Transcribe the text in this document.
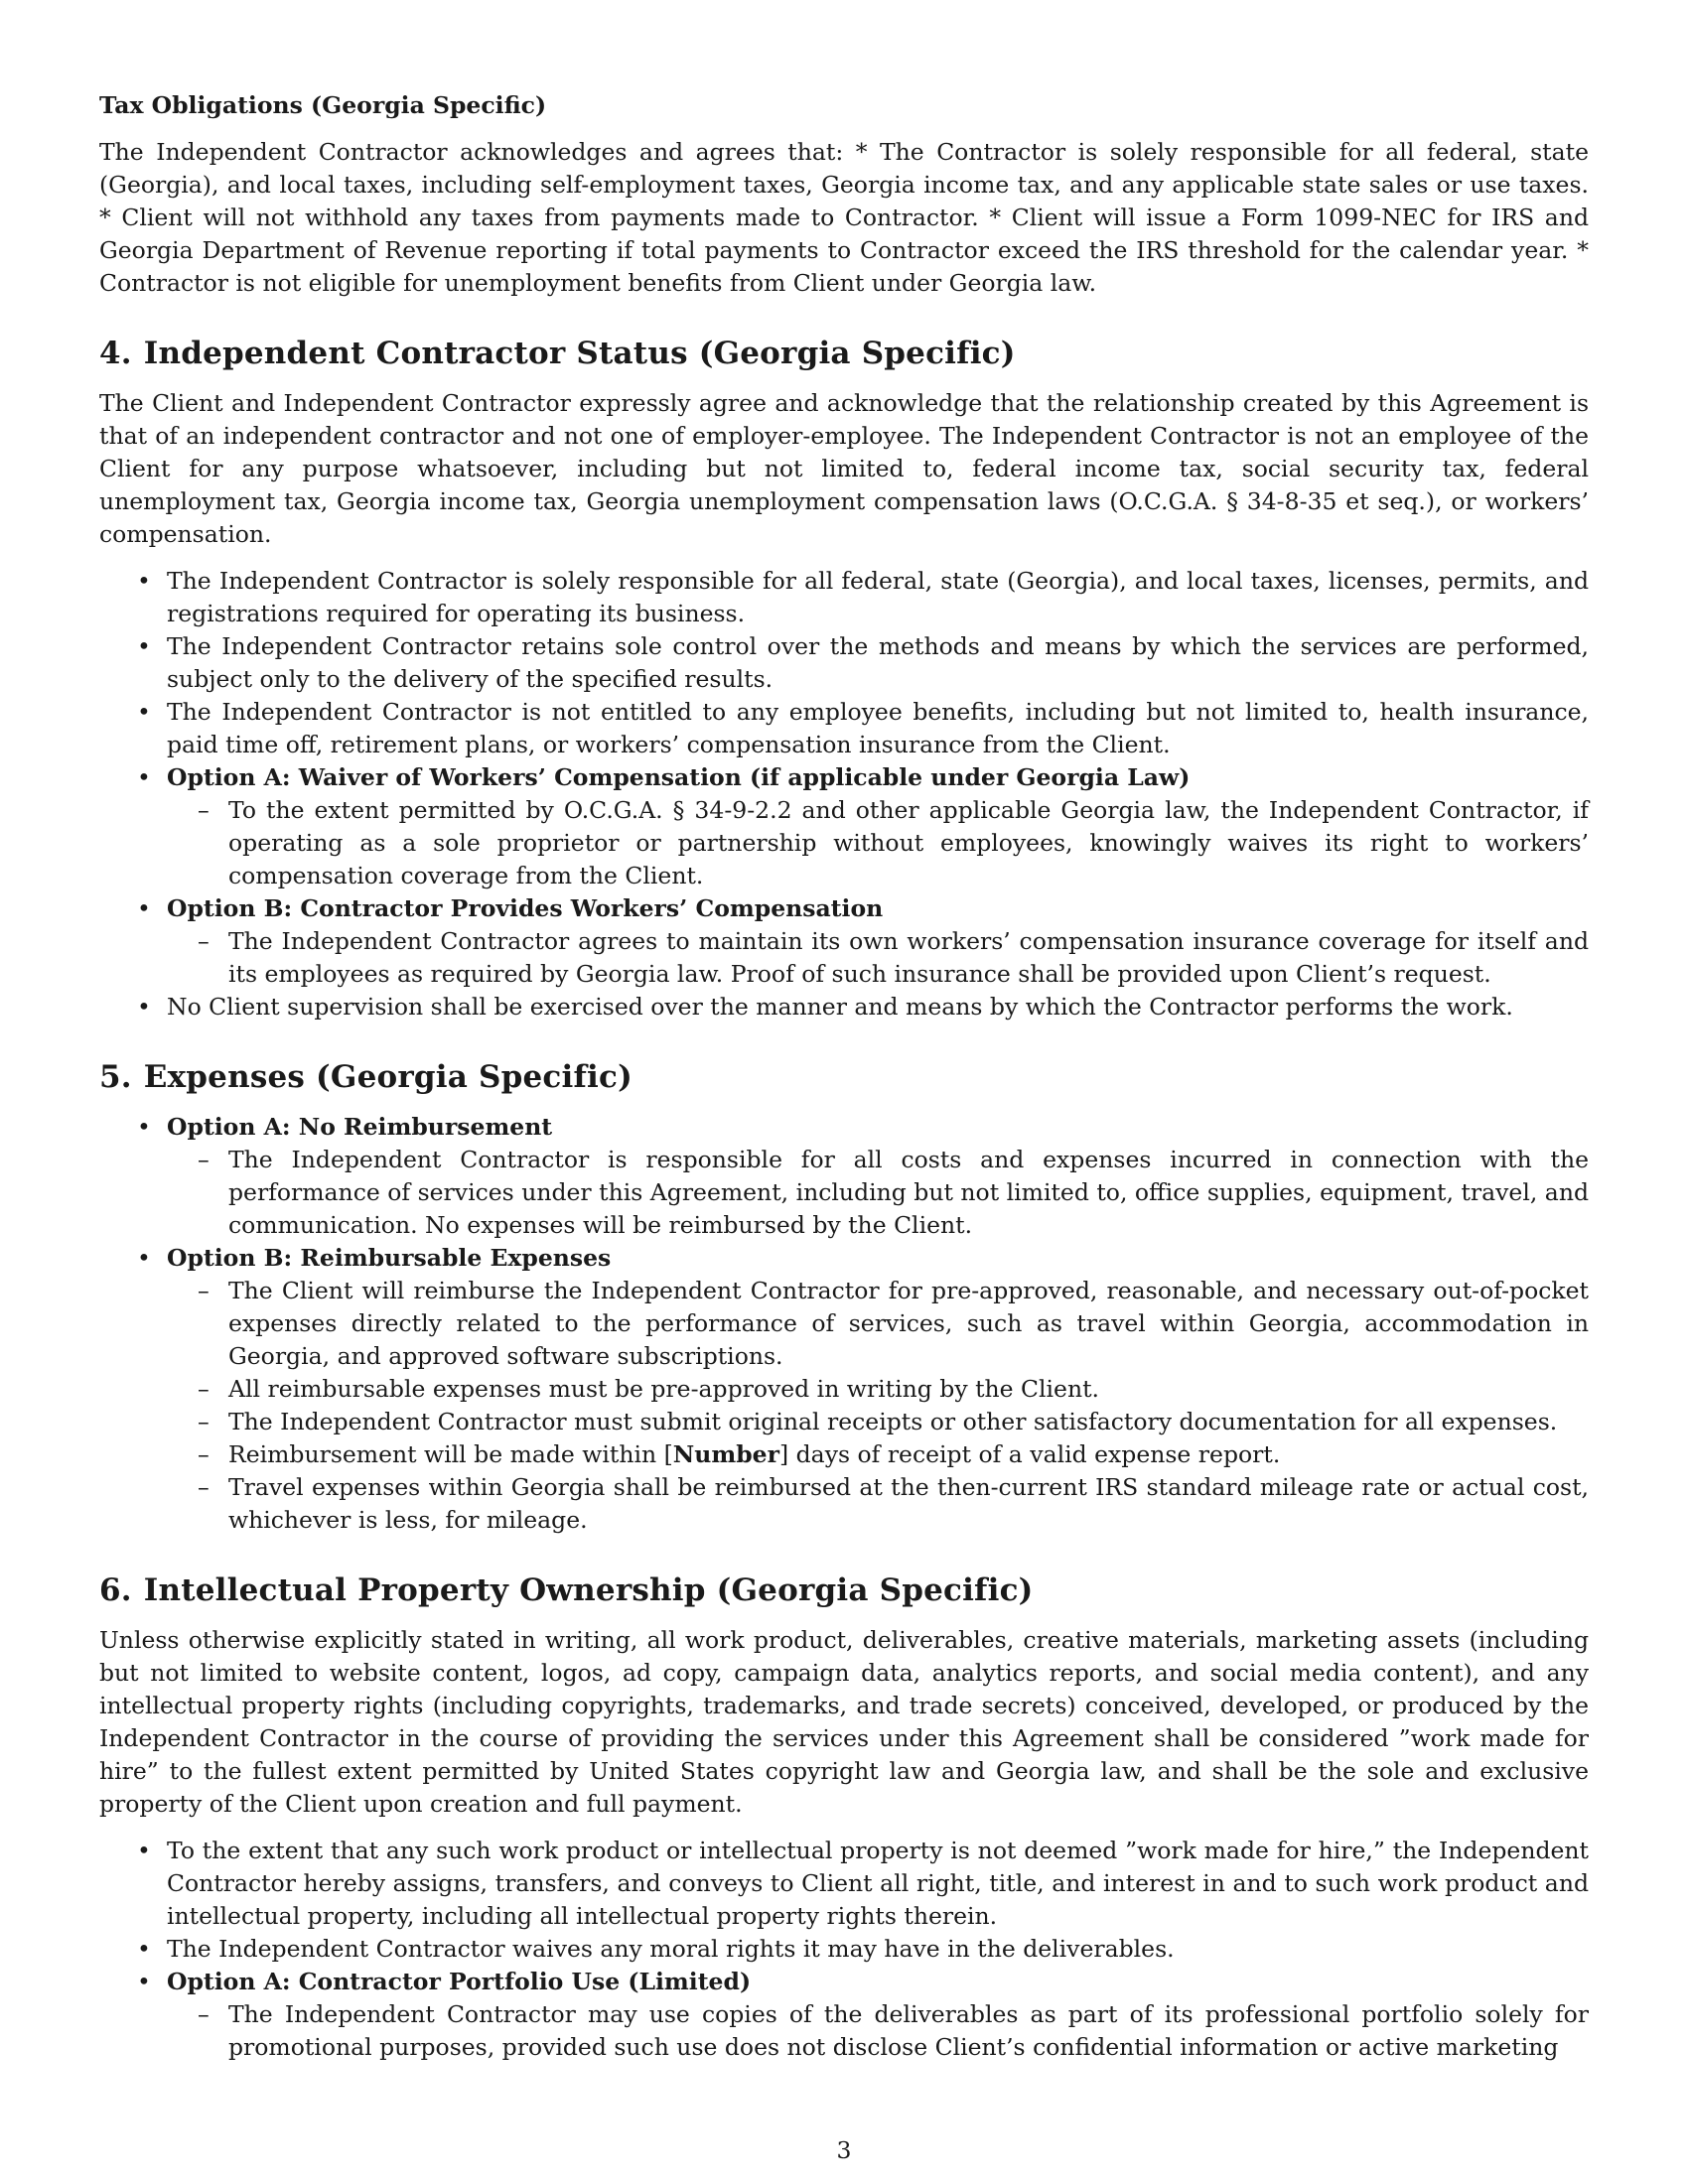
Tax Obligations (Georgia Specific)

The Independent Contractor acknowledges and agrees that: * The Contractor is solely responsible for all federal, state (Georgia), and local taxes, including self-employment taxes, Georgia income tax, and any applicable state sales or use taxes. * Client will not withhold any taxes from payments made to Contractor. * Client will issue a Form 1099-NEC for IRS and Georgia Department of Revenue reporting if total payments to Contractor exceed the IRS threshold for the calendar year. * Contractor is not eligible for unemployment benefits from Client under Georgia law.

4. Independent Contractor Status (Georgia Specific)

The Client and Independent Contractor expressly agree and acknowledge that the relationship created by this Agreement is that of an independent contractor and not one of employer-employee. The Independent Contractor is not an employee of the Client for any purpose whatsoever, including but not limited to, federal income tax, social security tax, federal unemployment tax, Georgia income tax, Georgia unemployment compensation laws (O.C.G.A. § 34-8-35 et seq.), or workers’ compensation.

• The Independent Contractor is solely responsible for all federal, state (Georgia), and local taxes, licenses, permits, and registrations required for operating its business.
• The Independent Contractor retains sole control over the methods and means by which the services are performed, subject only to the delivery of the specified results.
• The Independent Contractor is not entitled to any employee benefits, including but not limited to, health insurance, paid time off, retirement plans, or workers’ compensation insurance from the Client.
• Option A: Waiver of Workers’ Compensation (if applicable under Georgia Law)
– To the extent permitted by O.C.G.A. § 34-9-2.2 and other applicable Georgia law, the Independent Contractor, if operating as a sole proprietor or partnership without employees, knowingly waives its right to workers’ compensation coverage from the Client.
• Option B: Contractor Provides Workers’ Compensation
– The Independent Contractor agrees to maintain its own workers’ compensation insurance coverage for itself and its employees as required by Georgia law. Proof of such insurance shall be provided upon Client’s request.
• No Client supervision shall be exercised over the manner and means by which the Contractor performs the work.
5. Expenses (Georgia Specific)
• Option A: No Reimbursement
– The Independent Contractor is responsible for all costs and expenses incurred in connection with the performance of services under this Agreement, including but not limited to, office supplies, equipment, travel, and communication. No expenses will be reimbursed by the Client.
• Option B: Reimbursable Expenses
– The Client will reimburse the Independent Contractor for pre-approved, reasonable, and necessary out-of-pocket expenses directly related to the performance of services, such as travel within Georgia, accommodation in Georgia, and approved software subscriptions.
– All reimbursable expenses must be pre-approved in writing by the Client.
– The Independent Contractor must submit original receipts or other satisfactory documentation for all expenses.
– Reimbursement will be made within [Number] days of receipt of a valid expense report.
– Travel expenses within Georgia shall be reimbursed at the then-current IRS standard mileage rate or actual cost, whichever is less, for mileage.
6. Intellectual Property Ownership (Georgia Specific)

Unless otherwise explicitly stated in writing, all work product, deliverables, creative materials, marketing assets (including but not limited to website content, logos, ad copy, campaign data, analytics reports, and social media content), and any intellectual property rights (including copyrights, trademarks, and trade secrets) conceived, developed, or produced by the Independent Contractor in the course of providing the services under this Agreement shall be considered ”work made for hire” to the fullest extent permitted by United States copyright law and Georgia law, and shall be the sole and exclusive property of the Client upon creation and full payment.

• To the extent that any such work product or intellectual property is not deemed ”work made for hire,” the Independent Contractor hereby assigns, transfers, and conveys to Client all right, title, and interest in and to such work product and intellectual property, including all intellectual property rights therein.
• The Independent Contractor waives any moral rights it may have in the deliverables.
• Option A: Contractor Portfolio Use (Limited)
– The Independent Contractor may use copies of the deliverables as part of its professional portfolio solely for promotional purposes, provided such use does not disclose Client’s confidential information or active marketing
3
